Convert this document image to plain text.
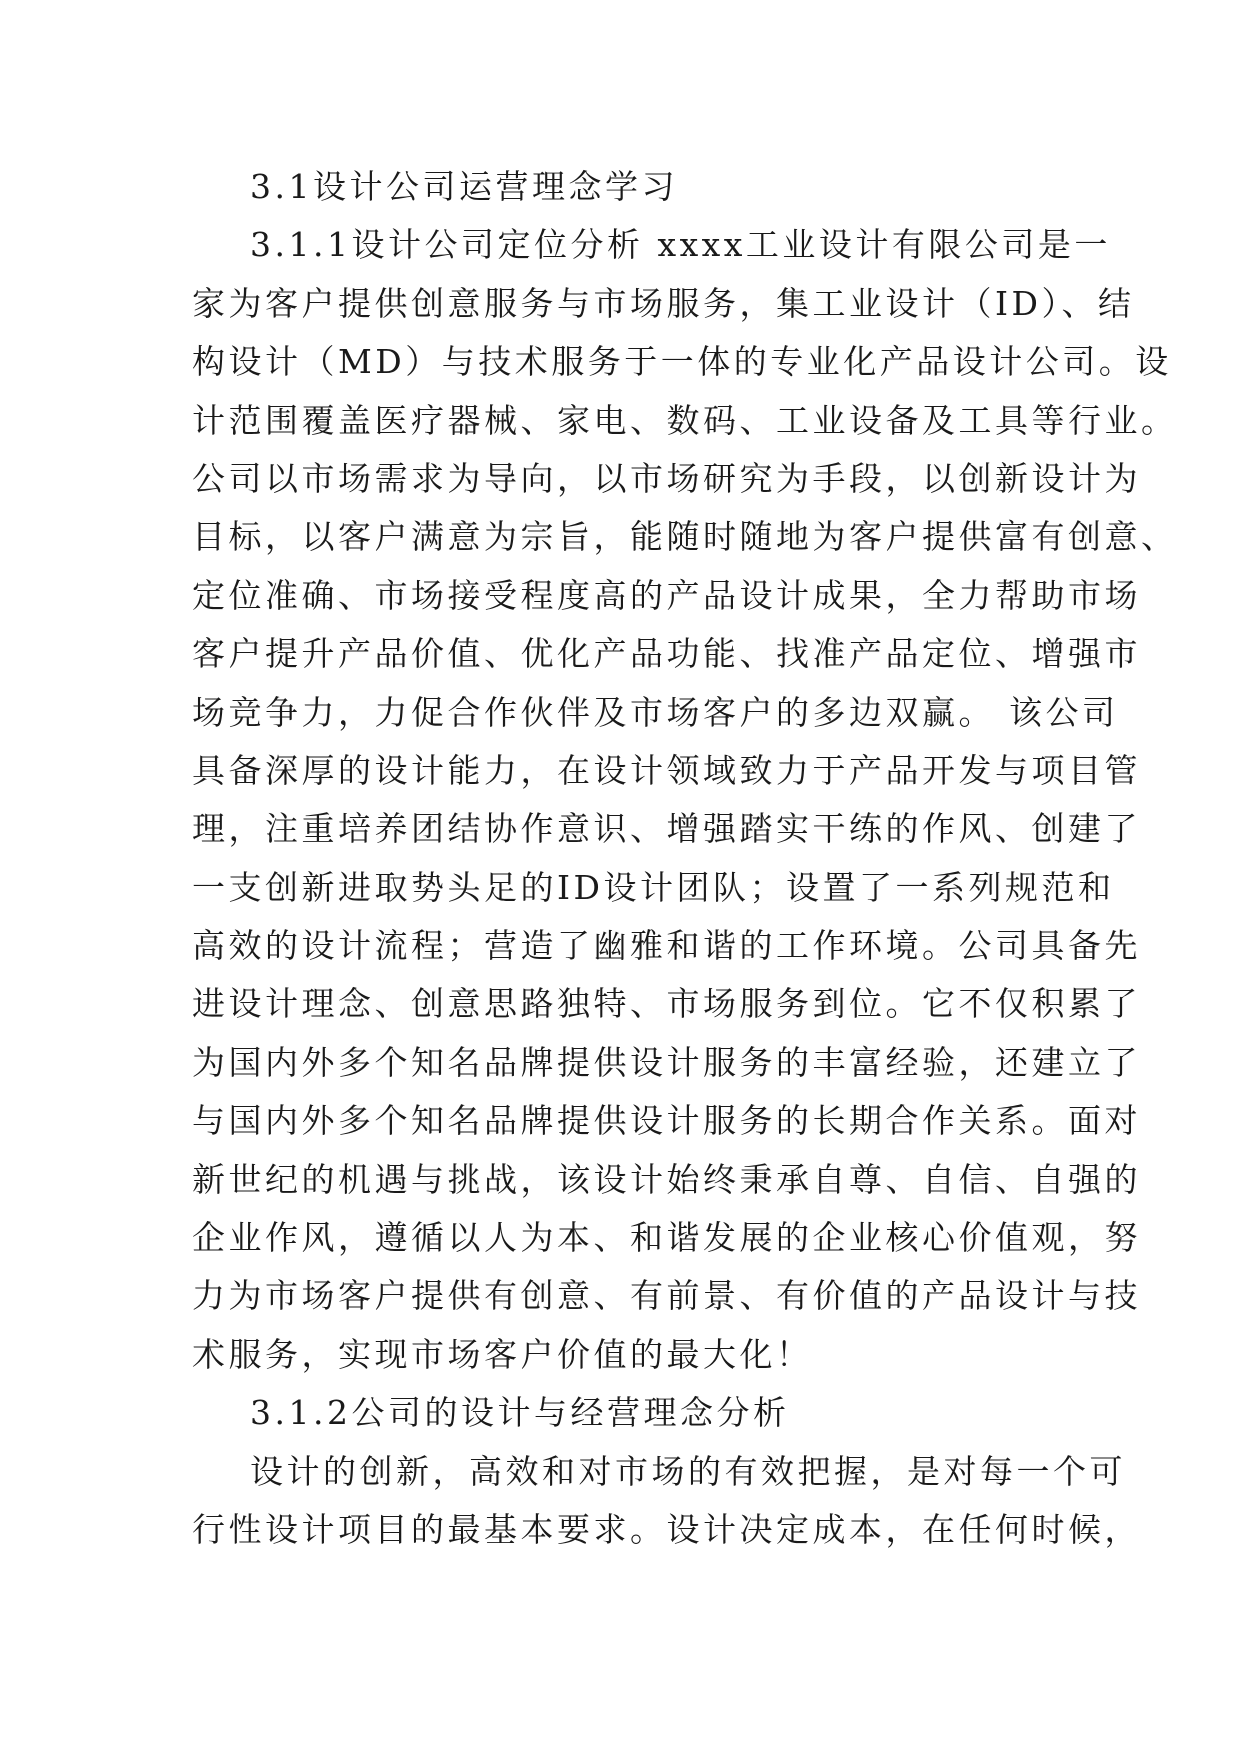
3.1设计公司运营理念学习
3.1.1设计公司定位分析 xxxx工业设计有限公司是一
家为客户提供创意服务与市场服务，集工业设计（ID）、结
构设计（MD）与技术服务于一体的专业化产品设计公司。设
计范围覆盖医疗器械、家电、数码、工业设备及工具等行业。
公司以市场需求为导向，以市场研究为手段，以创新设计为
目标，以客户满意为宗旨，能随时随地为客户提供富有创意、
定位准确、市场接受程度高的产品设计成果，全力帮助市场
客户提升产品价值、优化产品功能、找准产品定位、增强市
场竞争力，力促合作伙伴及市场客户的多边双赢。 该公司
具备深厚的设计能力，在设计领域致力于产品开发与项目管
理，注重培养团结协作意识、增强踏实干练的作风、创建了
一支创新进取势头足的ID设计团队；设置了一系列规范和
高效的设计流程；营造了幽雅和谐的工作环境。公司具备先
进设计理念、创意思路独特、市场服务到位。它不仅积累了
为国内外多个知名品牌提供设计服务的丰富经验，还建立了
与国内外多个知名品牌提供设计服务的长期合作关系。面对
新世纪的机遇与挑战，该设计始终秉承自尊、自信、自强的
企业作风，遵循以人为本、和谐发展的企业核心价值观，努
力为市场客户提供有创意、有前景、有价值的产品设计与技
术服务，实现市场客户价值的最大化！
3.1.2公司的设计与经营理念分析
设计的创新，高效和对市场的有效把握，是对每一个可
行性设计项目的最基本要求。设计决定成本，在任何时候，
